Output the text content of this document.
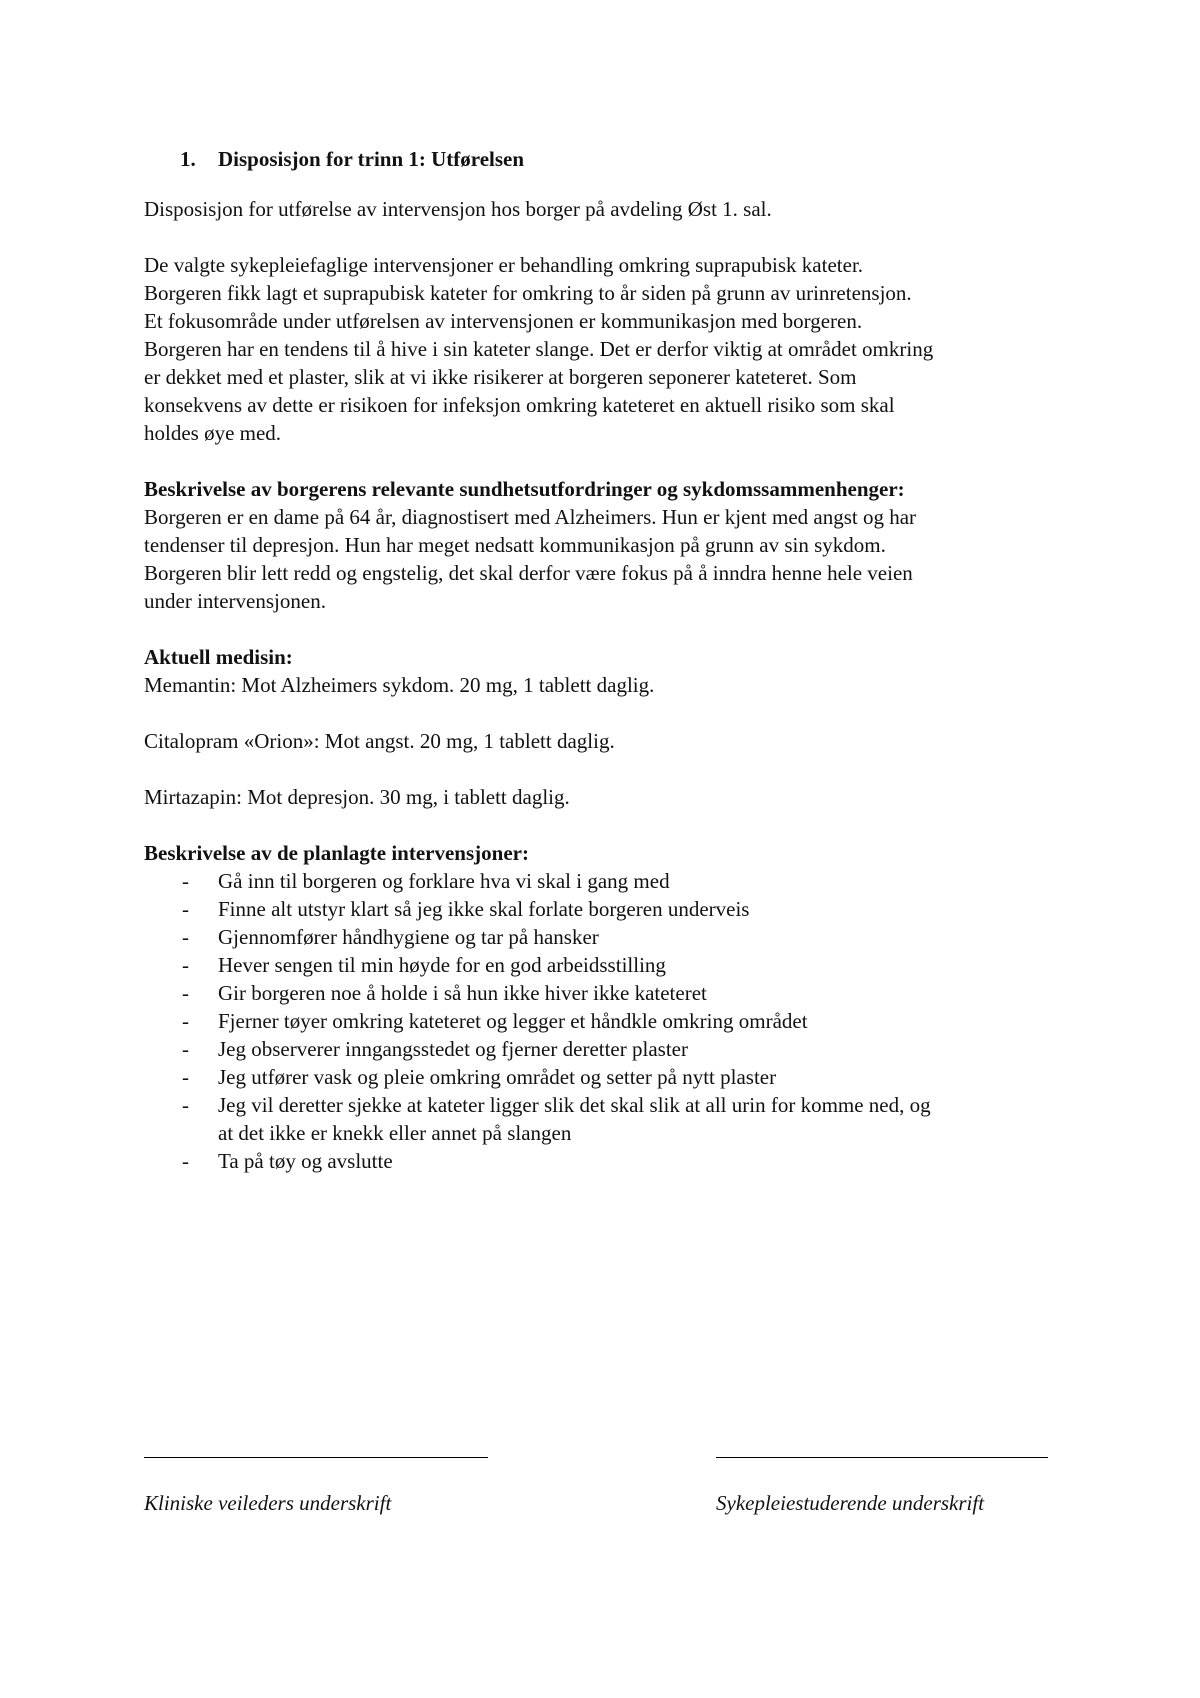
1.	Disposisjon for trinn 1: Utførelsen

Disposisjon for utførelse av intervensjon hos borger på avdeling Øst 1. sal.

De valgte sykepleiefaglige intervensjoner er behandling omkring suprapubisk kateter.
Borgeren fikk lagt et suprapubisk kateter for omkring to år siden på grunn av urinretensjon.
Et fokusområde under utførelsen av intervensjonen er kommunikasjon med borgeren.
Borgeren har en tendens til å hive i sin kateter slange. Det er derfor viktig at området omkring
er dekket med et plaster, slik at vi ikke risikerer at borgeren seponerer kateteret. Som
konsekvens av dette er risikoen for infeksjon omkring kateteret en aktuell risiko som skal
holdes øye med.

Beskrivelse av borgerens relevante sundhetsutfordringer og sykdomssammenhenger:
Borgeren er en dame på 64 år, diagnostisert med Alzheimers. Hun er kjent med angst og har
tendenser til depresjon. Hun har meget nedsatt kommunikasjon på grunn av sin sykdom.
Borgeren blir lett redd og engstelig, det skal derfor være fokus på å inndra henne hele veien
under intervensjonen.

Aktuell medisin:
Memantin: Mot Alzheimers sykdom. 20 mg, 1 tablett daglig.

Citalopram «Orion»: Mot angst. 20 mg, 1 tablett daglig.

Mirtazapin: Mot depresjon. 30 mg, i tablett daglig.

Beskrivelse av de planlagte intervensjoner:
- Gå inn til borgeren og forklare hva vi skal i gang med
- Finne alt utstyr klart så jeg ikke skal forlate borgeren underveis
- Gjennomfører håndhygiene og tar på hansker
- Hever sengen til min høyde for en god arbeidsstilling
- Gir borgeren noe å holde i så hun ikke hiver ikke kateteret
- Fjerner tøyer omkring kateteret og legger et håndkle omkring området
- Jeg observerer inngangsstedet og fjerner deretter plaster
- Jeg utfører vask og pleie omkring området og setter på nytt plaster
- Jeg vil deretter sjekke at kateter ligger slik det skal slik at all urin for komme ned, og
at det ikke er knekk eller annet på slangen
- Ta på tøy og avslutte
Kliniske veileders underskrift	Sykepleiestuderende underskrift
